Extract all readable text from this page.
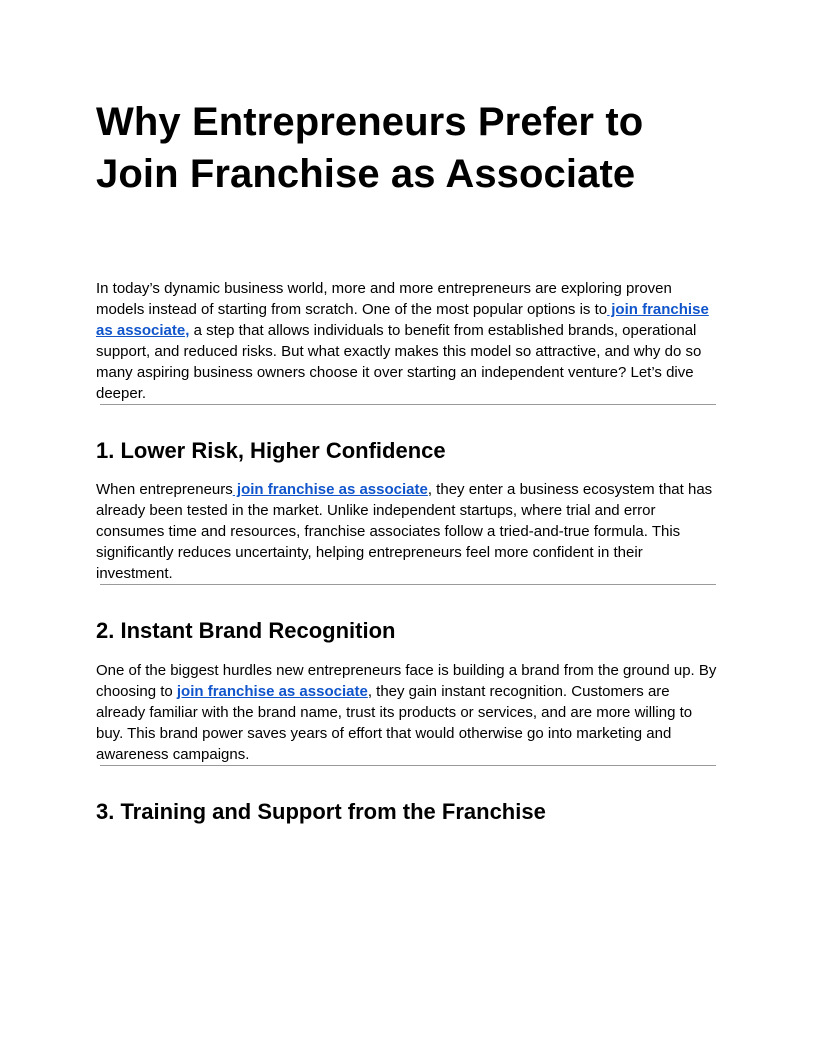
Why Entrepreneurs Prefer to Join Franchise as Associate

In today’s dynamic business world, more and more entrepreneurs are exploring proven models instead of starting from scratch. One of the most popular options is to join franchise as associate, a step that allows individuals to benefit from established brands, operational support, and reduced risks. But what exactly makes this model so attractive, and why do so many aspiring business owners choose it over starting an independent venture? Let’s dive deeper.

1. Lower Risk, Higher Confidence

When entrepreneurs join franchise as associate, they enter a business ecosystem that has already been tested in the market. Unlike independent startups, where trial and error consumes time and resources, franchise associates follow a tried-and-true formula. This significantly reduces uncertainty, helping entrepreneurs feel more confident in their investment.

2. Instant Brand Recognition

One of the biggest hurdles new entrepreneurs face is building a brand from the ground up. By choosing to join franchise as associate, they gain instant recognition. Customers are already familiar with the brand name, trust its products or services, and are more willing to buy. This brand power saves years of effort that would otherwise go into marketing and awareness campaigns.

3. Training and Support from the Franchise
